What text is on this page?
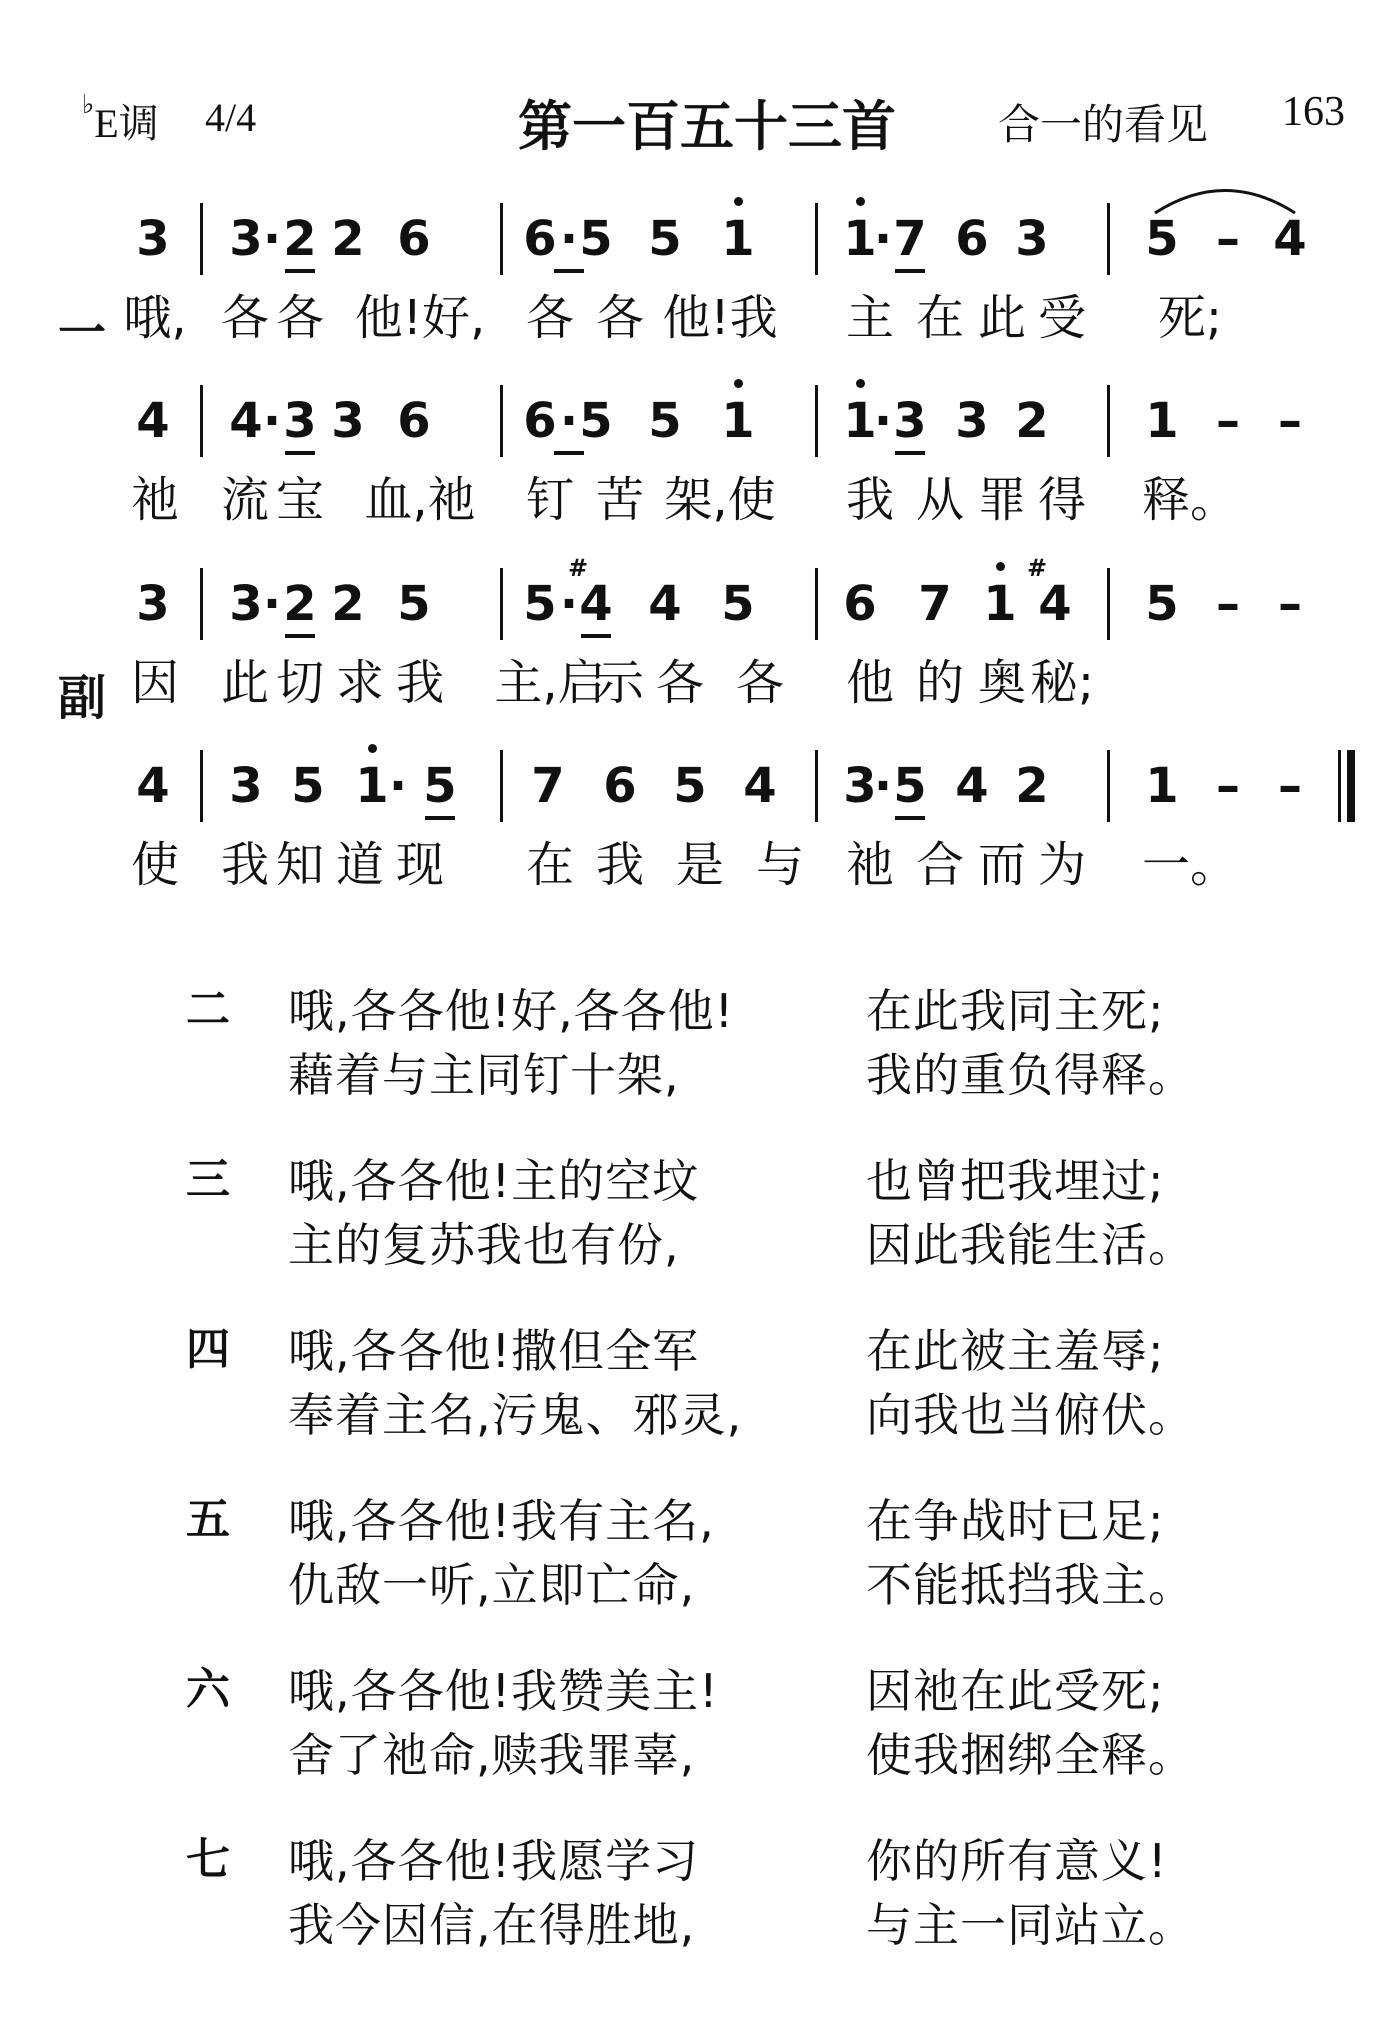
♭E调 4/4	第一百五十三首 合一的看见 163
一
3 3 · 2 2 6 6 · 5 5 1 1
· 7 6 3 5 – 4
哦, 各 各 他!好, 各 各 他!我 主 在 此 受 死;
4 4 · 3 3 6 6 · 5 5 1 1
· 3 3 2 1 – –
祂 流 宝 血,祂 钉 苦 架,使 我 从 罪 得 释。
副
3 3 · 2 2 5 5 · 4
#
4 5 6 7 1 4
#
5 – –
因 此 切 求 我 主,启
示 各 各 他 的 奥 秘;
4 3 5 1 · 5 7 6 5 4 3
· 5 4 2 1 – –
使 我 知 道 现 在 我 是 与 祂 合 而 为 一。
二 哦,各各他!好,各各他!	在此我同主死;
藉着与主同钉十架,	我的重负得释。
三 哦,各各他!主的空坟	也曾把我埋过;
主的复苏我也有份,	因此我能生活。
四 哦,各各他!撒但全军	在此被主羞辱;
奉着主名,污鬼、邪灵,	向我也当俯伏。
五 哦,各各他!我有主名,	在争战时已足;
仇敌一听,立即亡命,	不能抵挡我主。
六 哦,各各他!我赞美主!	因祂在此受死;
舍了祂命,赎我罪辜,	使我捆绑全释。
七 哦,各各他!我愿学习	你的所有意义!
我今因信,在得胜地,	与主一同站立。
